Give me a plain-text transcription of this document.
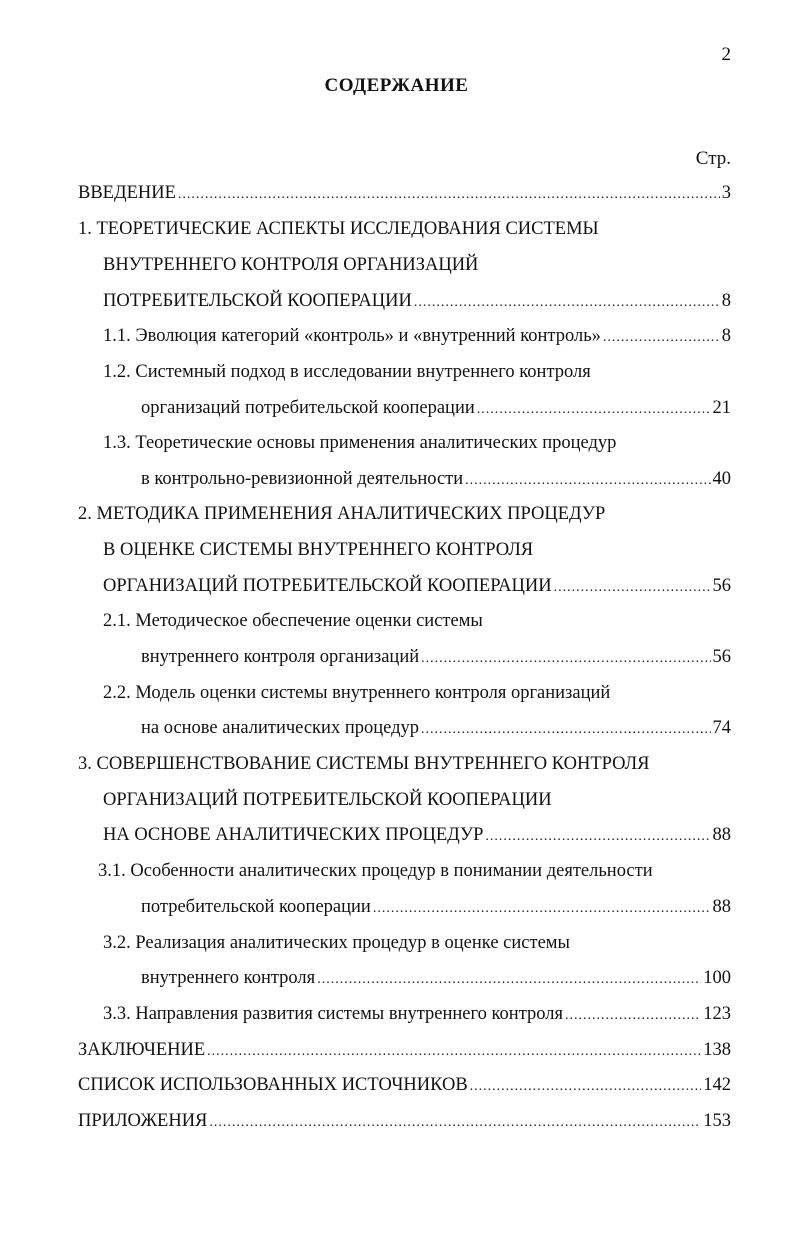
2
СОДЕРЖАНИЕ
Стр.
ВВЕДЕНИЕ .....	3
1. ТЕОРЕТИЧЕСКИЕ АСПЕКТЫ ИССЛЕДОВАНИЯ СИСТЕМЫ
ВНУТРЕННЕГО КОНТРОЛЯ ОРГАНИЗАЦИЙ
ПОТРЕБИТЕЛЬСКОЙ КООПЕРАЦИИ .....	8
1.1. Эволюция категорий «контроль» и «внутренний контроль» .....	8
1.2. Системный подход в исследовании внутреннего контроля
организаций потребительской кооперации .....	21
1.3. Теоретические основы применения аналитических процедур
в контрольно-ревизионной деятельности .....	40
2. МЕТОДИКА ПРИМЕНЕНИЯ АНАЛИТИЧЕСКИХ ПРОЦЕДУР
В ОЦЕНКЕ СИСТЕМЫ ВНУТРЕННЕГО КОНТРОЛЯ
ОРГАНИЗАЦИЙ ПОТРЕБИТЕЛЬСКОЙ КООПЕРАЦИИ .....	56
2.1. Методическое обеспечение оценки системы
внутреннего контроля организаций .....	56
2.2. Модель оценки системы внутреннего контроля организаций
на основе аналитических процедур .....	74
3. СОВЕРШЕНСТВОВАНИЕ СИСТЕМЫ ВНУТРЕННЕГО КОНТРОЛЯ
ОРГАНИЗАЦИЙ ПОТРЕБИТЕЛЬСКОЙ КООПЕРАЦИИ
НА ОСНОВЕ АНАЛИТИЧЕСКИХ ПРОЦЕДУР .....	88
3.1. Особенности аналитических процедур в понимании деятельности
потребительской кооперации .....	88
3.2. Реализация аналитических процедур в оценке системы
внутреннего контроля .....	100
3.3. Направления развития системы внутреннего контроля .....	123
ЗАКЛЮЧЕНИЕ .....	138
СПИСОК ИСПОЛЬЗОВАННЫХ ИСТОЧНИКОВ .....	142
ПРИЛОЖЕНИЯ .....	153
